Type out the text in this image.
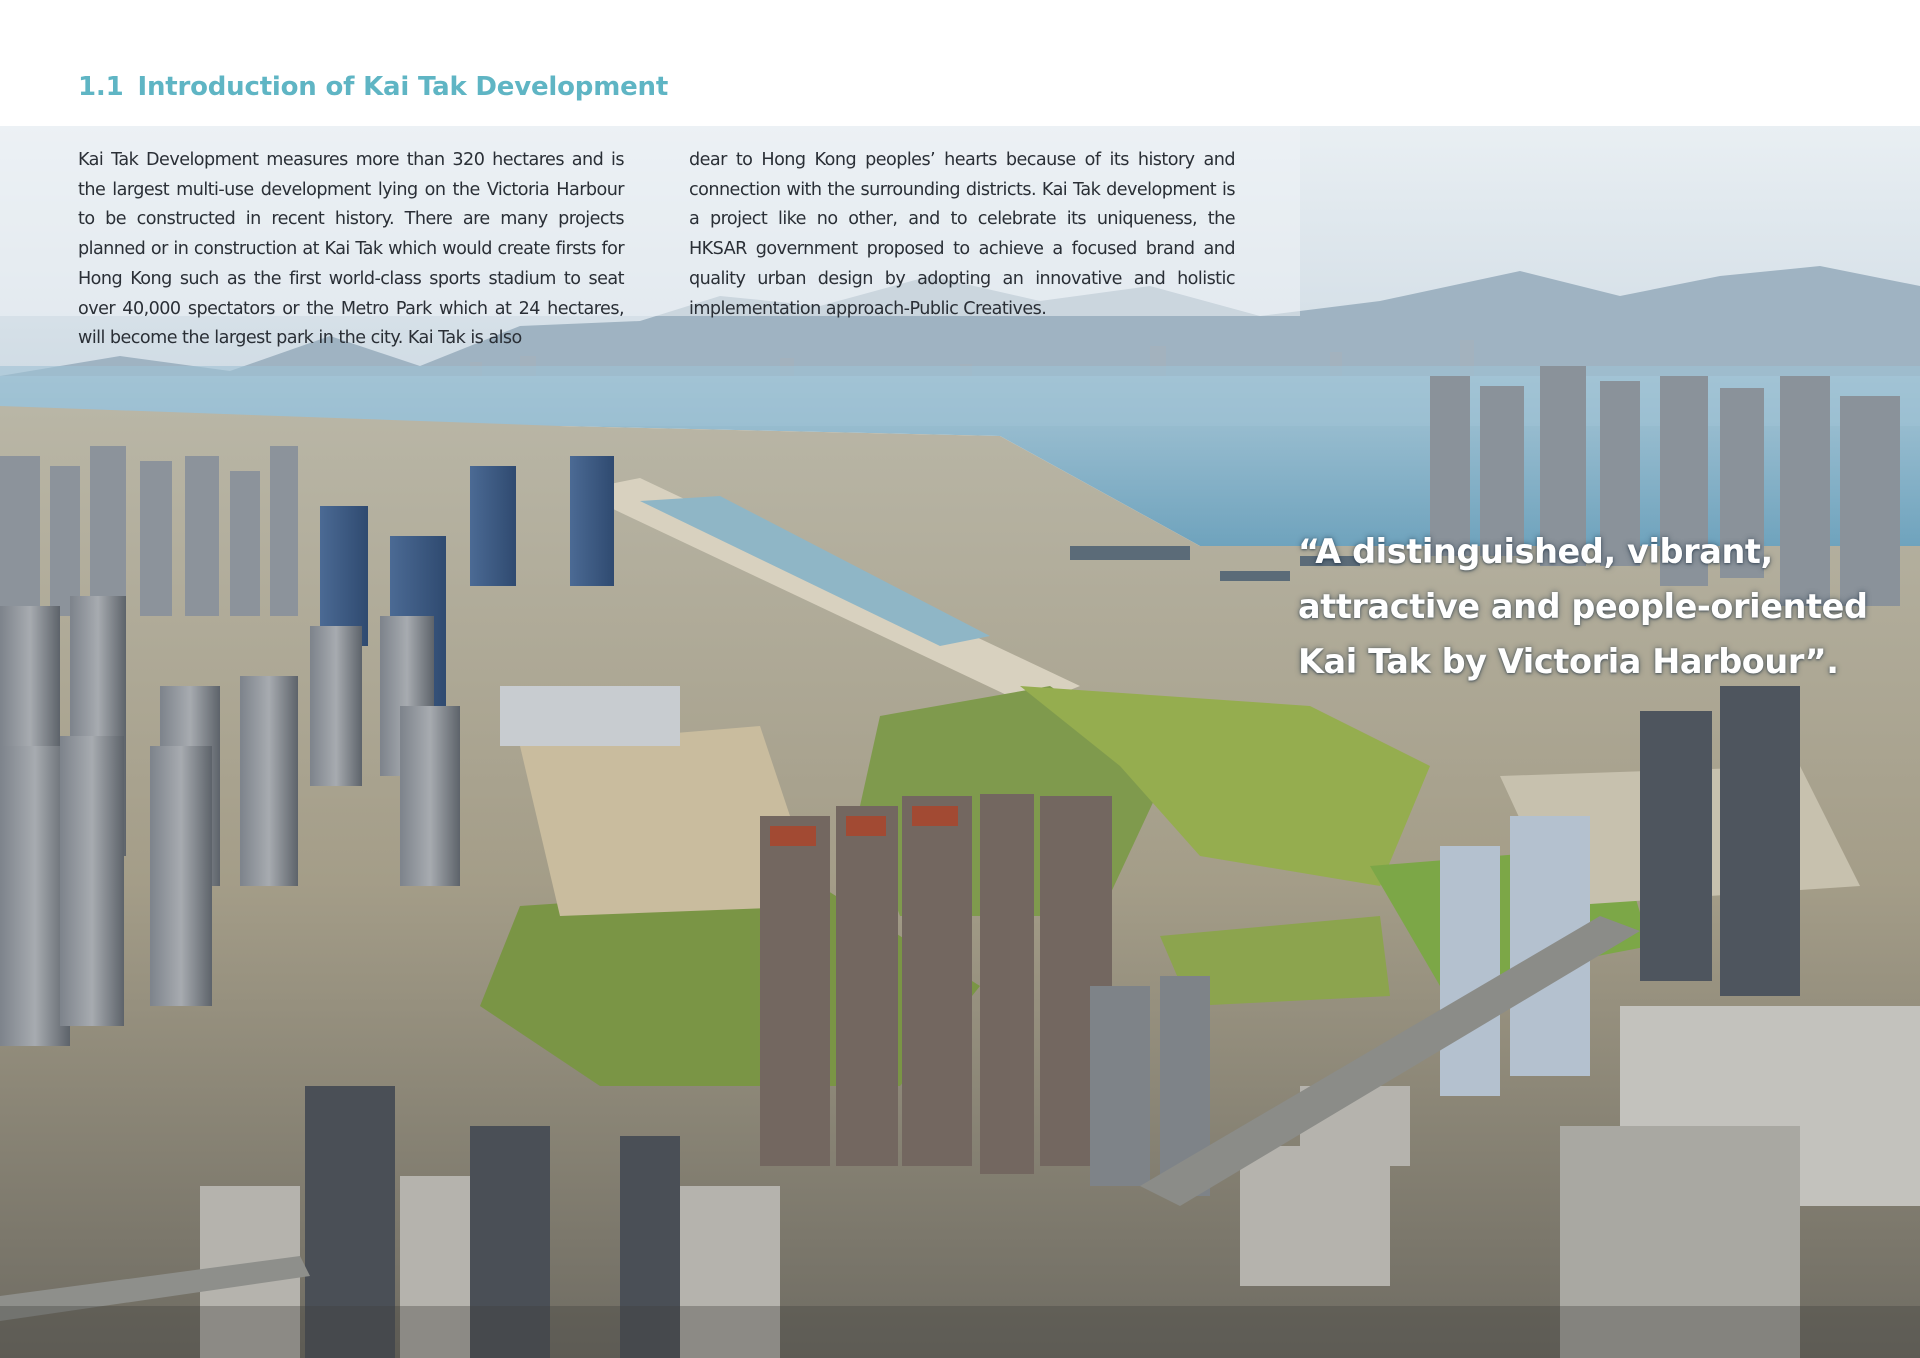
1.1 Introduction of Kai Tak Development

Kai Tak Development measures more than 320 hectares and is the largest multi-use development lying on the Victoria Harbour to be constructed in recent history. There are many projects planned or in construction at Kai Tak which would create firsts for Hong Kong such as the first world-class sports stadium to seat over 40,000 spectators or the Metro Park which at 24 hectares, will become the largest park in the city. Kai Tak is also

dear to Hong Kong peoples’ hearts because of its history and connection with the surrounding districts. Kai Tak development is a project like no other, and to celebrate its uniqueness, the HKSAR government proposed to achieve a focused brand and quality urban design by adopting an innovative and holistic implementation approach-Public Creatives.

“A distinguished, vibrant,
attractive and people-oriented
Kai Tak by Victoria Harbour”.
